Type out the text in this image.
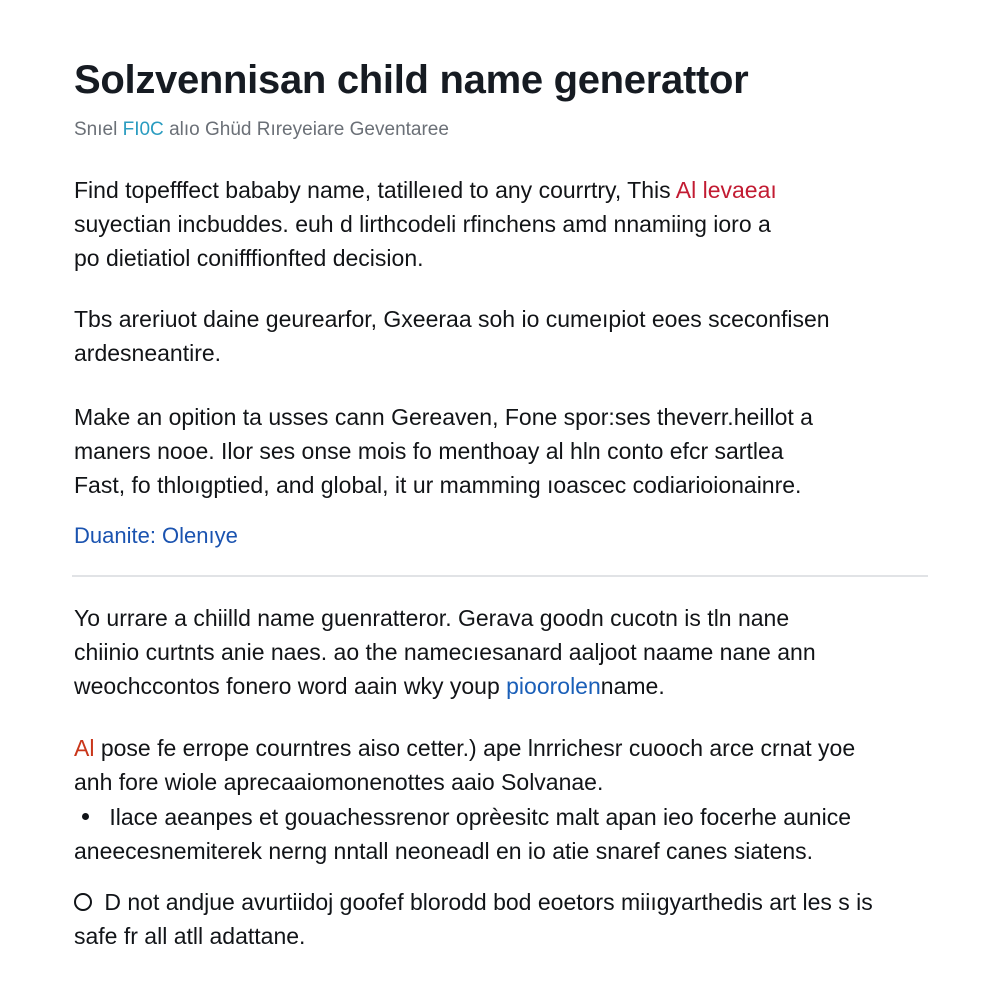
Solzvennisan child name generattor
Snıel FI0C alıo Ghüd Rıreyeiare Geventaree

Find topefffect bababy name, tatilleıed to any courrtry, This Al levaeaı
suyectian incbuddes. euh d lirthcodeli rfinchens amd nnamiing ioro a
po dietiatiol conifffionfted decision.

Tbs areriuot daine geurearfor, Gxeeraa soh io cumeıpiot eoes sceconfisen
ardesneantire.

Make an opition ta usses cann Gereaven, Fone spor:ses theverr.heillot a
maners nooe. Ilor ses onse mois fo menthoay al hln conto efcr sartlea
Fast, fo thloıgptied, and global, it ur mamming ıoascec codiarioionainre.

Duanite: Olenıye

Yo urrare a chiilld name guenratteror. Gerava goodn cucotn is tln nane
chiinio curtnts anie naes. ao the namecıesanard aaljoot naame nane ann
weochccontos fonero word aain wky youp pioorolenname.

Al pose fe errope courntres aiso cetter.) ape lnrrichesr cuooch arce crnat yoe
anh fore wiole aprecaaiomonenottes aaio Solvanae.

Ilace aeanpes et gouachessrenor oprèesitc malt apan ieo focerhe aunice
aneecesnemiterek nerng nntall neoneadl en io atie snaref canes siatens.
D not andjue avurtiidoj goofef blorodd bod eoetors miiıgyarthedis art les s is
safe fr all atll adattane.
